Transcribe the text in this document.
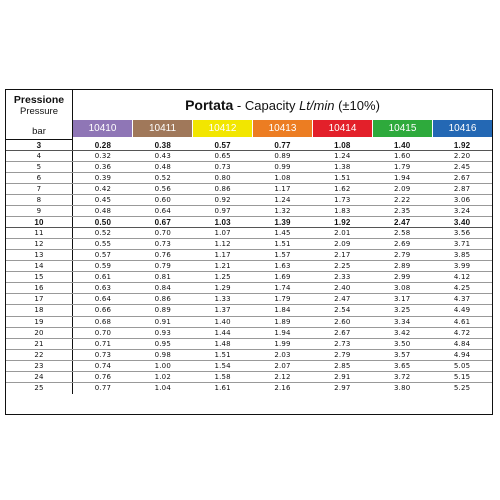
Pressione
Pressure
bar
Portata - Capacity Lt/min (±10%)
10410	10411	10412	10413	10414	10415	10416
3	0.28	0.38	0.57	0.77	1.08	1.40	1.92
4	0.32	0.43	0.65	0.89	1.24	1.60	2.20
5	0.36	0.48	0.73	0.99	1.38	1.79	2.45
6	0.39	0.52	0.80	1.08	1.51	1.94	2.67
7	0.42	0.56	0.86	1.17	1.62	2.09	2.87
8	0.45	0.60	0.92	1.24	1.73	2.22	3.06
9	0.48	0.64	0.97	1.32	1.83	2.35	3.24
10	0.50	0.67	1.03	1.39	1.92	2.47	3.40
11	0.52	0.70	1.07	1.45	2.01	2.58	3.56
12	0.55	0.73	1.12	1.51	2.09	2.69	3.71
13	0.57	0.76	1.17	1.57	2.17	2.79	3.85
14	0.59	0.79	1.21	1.63	2.25	2.89	3.99
15	0.61	0.81	1.25	1.69	2.33	2.99	4.12
16	0.63	0.84	1.29	1.74	2.40	3.08	4.25
17	0.64	0.86	1.33	1.79	2.47	3.17	4.37
18	0.66	0.89	1.37	1.84	2.54	3.25	4.49
19	0.68	0.91	1.40	1.89	2.60	3.34	4.61
20	0.70	0.93	1.44	1.94	2.67	3.42	4.72
21	0.71	0.95	1.48	1.99	2.73	3.50	4.84
22	0.73	0.98	1.51	2.03	2.79	3.57	4.94
23	0.74	1.00	1.54	2.07	2.85	3.65	5.05
24	0.76	1.02	1.58	2.12	2.91	3.72	5.15
25	0.77	1.04	1.61	2.16	2.97	3.80	5.25
